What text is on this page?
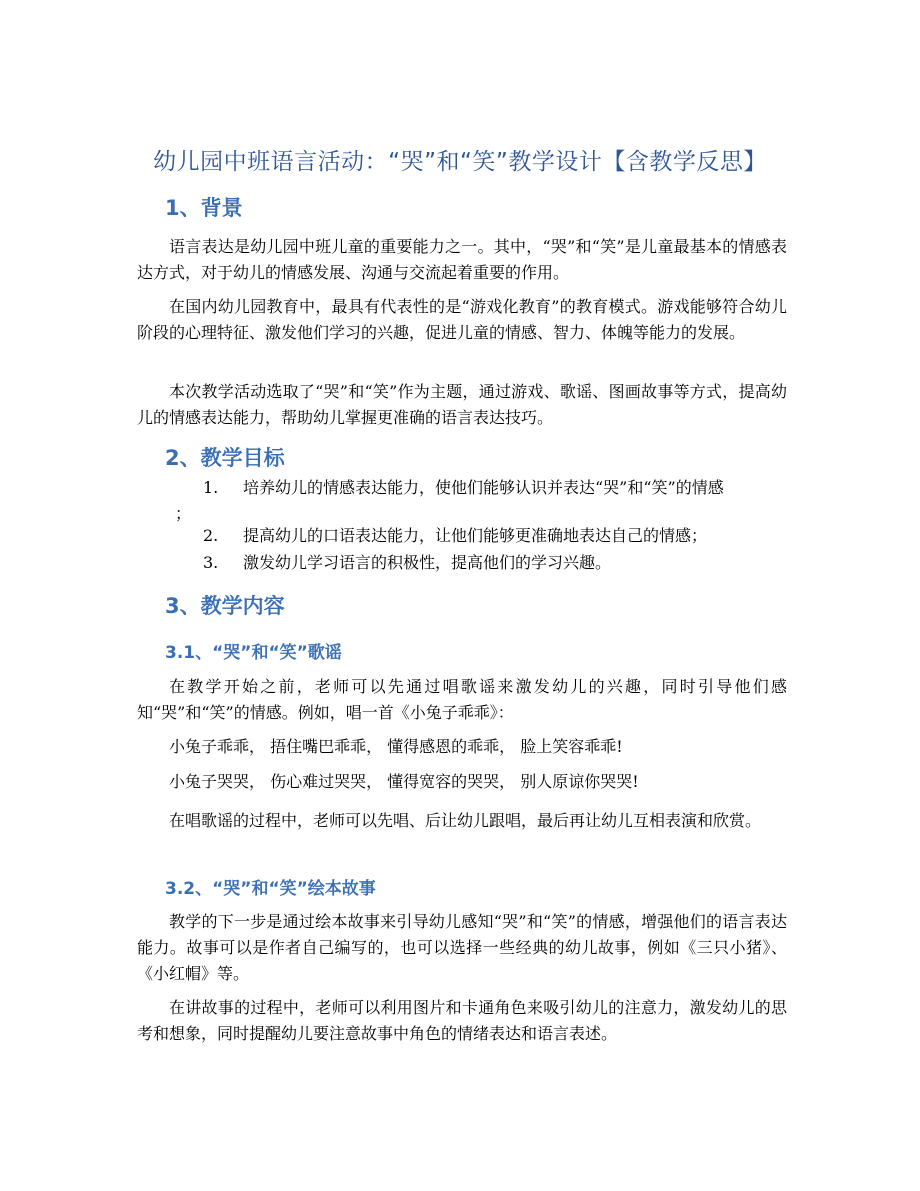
幼儿园中班语言活动：“哭”和“笑”教学设计【含教学反思】
1、背景

语言表达是幼儿园中班儿童的重要能力之一。其中，“哭”和“笑”是儿童最基本的情感表达方式，对于幼儿的情感发展、沟通与交流起着重要的作用。

在国内幼儿园教育中，最具有代表性的是“游戏化教育”的教育模式。游戏能够符合幼儿阶段的心理特征、激发他们学习的兴趣，促进儿童的情感、智力、体魄等能力的发展。

本次教学活动选取了“哭”和“笑”作为主题，通过游戏、歌谣、图画故事等方式，提高幼儿的情感表达能力，帮助幼儿掌握更准确的语言表达技巧。

2、教学目标
1. 培养幼儿的情感表达能力，使他们能够认识并表达“哭”和“笑”的情感
；
2. 提高幼儿的口语表达能力，让他们能够更准确地表达自己的情感；
3. 激发幼儿学习语言的积极性，提高他们的学习兴趣。
3、教学内容
3.1、“哭”和“笑”歌谣

在教学开始之前，老师可以先通过唱歌谣来激发幼儿的兴趣，同时引导他们感知“哭”和“笑”的情感。例如，唱一首《小兔子乖乖》：

小兔子乖乖， 捂住嘴巴乖乖， 懂得感恩的乖乖， 脸上笑容乖乖!

小兔子哭哭， 伤心难过哭哭， 懂得宽容的哭哭， 别人原谅你哭哭!

在唱歌谣的过程中，老师可以先唱、后让幼儿跟唱，最后再让幼儿互相表演和欣赏。

3.2、“哭”和“笑”绘本故事

教学的下一步是通过绘本故事来引导幼儿感知“哭”和“笑”的情感，增强他们的语言表达能力。故事可以是作者自己编写的，也可以选择一些经典的幼儿故事，例如《三只小猪》、《小红帽》等。

在讲故事的过程中，老师可以利用图片和卡通角色来吸引幼儿的注意力，激发幼儿的思考和想象，同时提醒幼儿要注意故事中角色的情绪表达和语言表述。
